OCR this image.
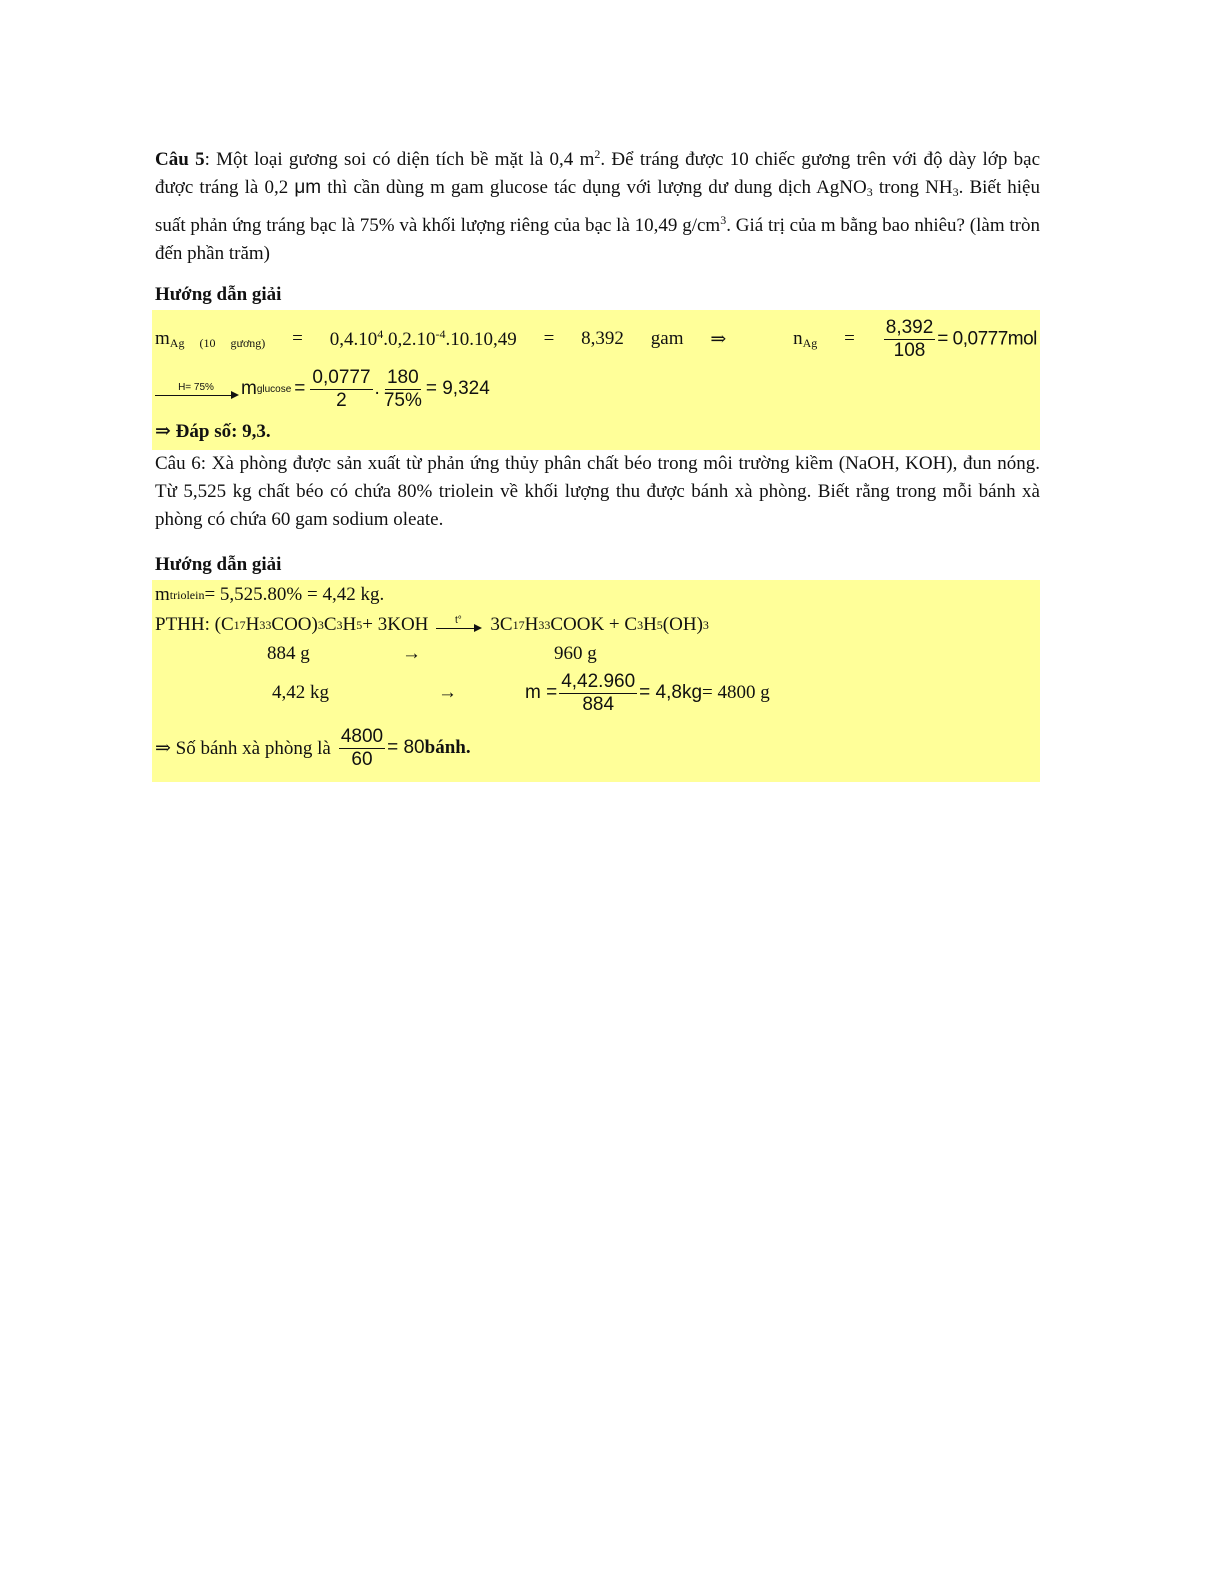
Câu 5: Một loại gương soi có diện tích bề mặt là 0,4 $m^2$. Để tráng được 10 chiếc gương trên với độ dày lớp bạc được tráng là 0,2 μm thì cần dùng m gam glucose tác dụng với lượng dư dung dịch AgNO$_3$ trong $NH_3$. Biết hiệu suất phản ứng tráng bạc là 75% và khối lượng riêng của bạc là 10,49 $g/cm^3$. Giá trị của m bằng bao nhiêu? (làm tròn đến phần trăm)

Hướng dẫn giải

$m_{Ag (10 gương)} = 0,4.10^4.0,2.10^{-4}.10.10,49 = 8,392$ gam ⇒	$n_{Ag} = \frac{8,392}{108} = 0,0777mol$
H= 75% m $glucose = \frac{0,0777}{2}$ . $\frac{180}{75\%} = 9,324$
⇒ Đáp số: 9,3.

Câu 6: Xà phòng được sản xuất từ phản ứng thủy phân chất béo trong môi trường kiềm (NaOH, KOH), đun nóng. Từ 5,525 kg chất béo có chứa 80% triolein về khối lượng thu được bánh xà phòng. Biết rằng trong mỗi bánh xà phòng có chứa 60 gam sodium oleate.

Hướng dẫn giải

m triolein = 5,525.80% = 4,42 kg.
PTHH: (C 17 H 33 COO) 3 C 3 H 5 + 3KOH	t° 3C 17 H 33 COOK + C 3 H 5 (OH) 3
884 g	→	960 g
4,42 kg	→	$m = \frac{4,42.960}{884} = 4,8kg = 4800$ g
⇒ Số bánh xà phòng là $\frac{4800}{60} = 80$ bánh.
